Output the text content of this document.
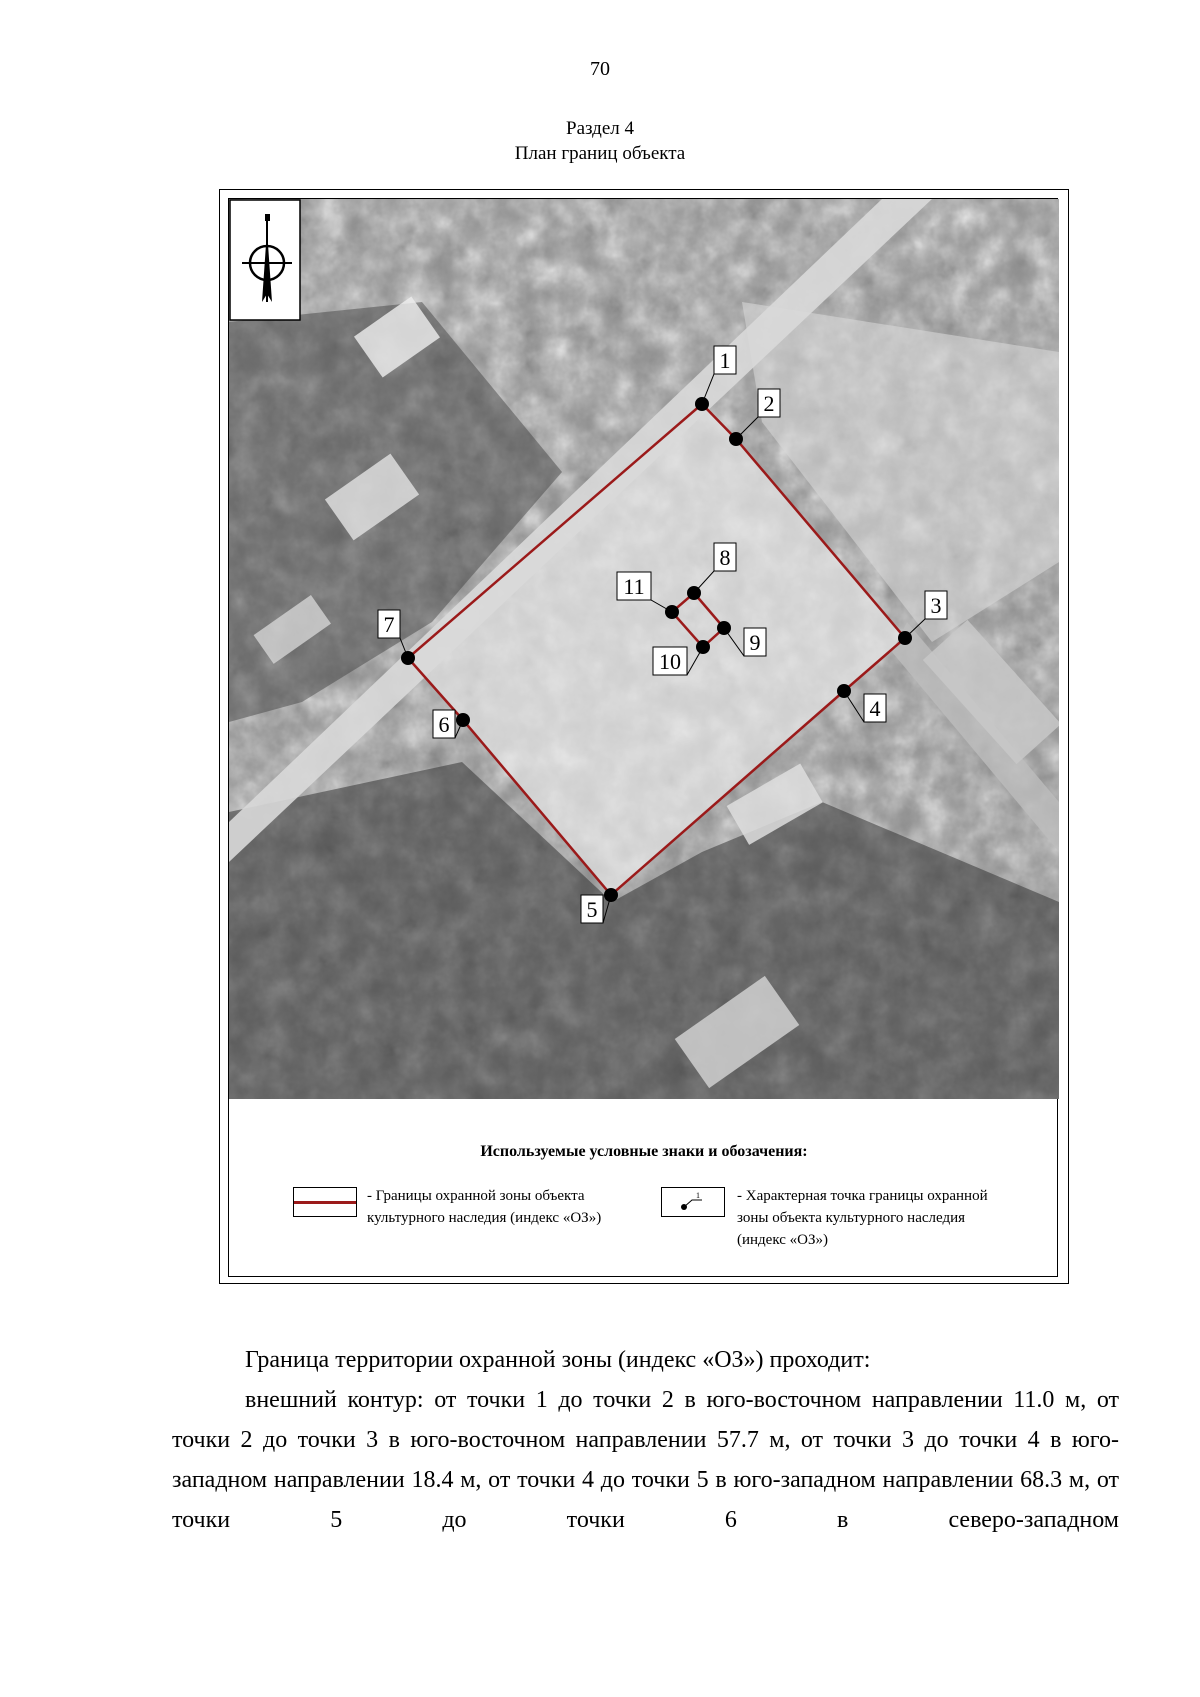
70
Раздел 4
План границ объекта
1
2
3
4
5
6
7
8
9
10
11
Используемые условные знаки и обозачения:
- Границы охранной зоны объекта культурного наследия (индекс «ОЗ»)
1 - Характерная точка границы охранной зоны объекта культурного наследия (индекс «ОЗ»)

Граница территории охранной зоны (индекс «ОЗ») проходит:

внешний контур: от точки 1 до точки 2 в юго-восточном направлении 11.0 м, от точки 2 до точки 3 в юго-восточном направлении 57.7 м, от точки 3 до точки 4 в юго-западном направлении 18.4 м, от точки 4 до точки 5 в юго-западном направлении 68.3 м, от точки 5 до точки 6 в северо-западном
